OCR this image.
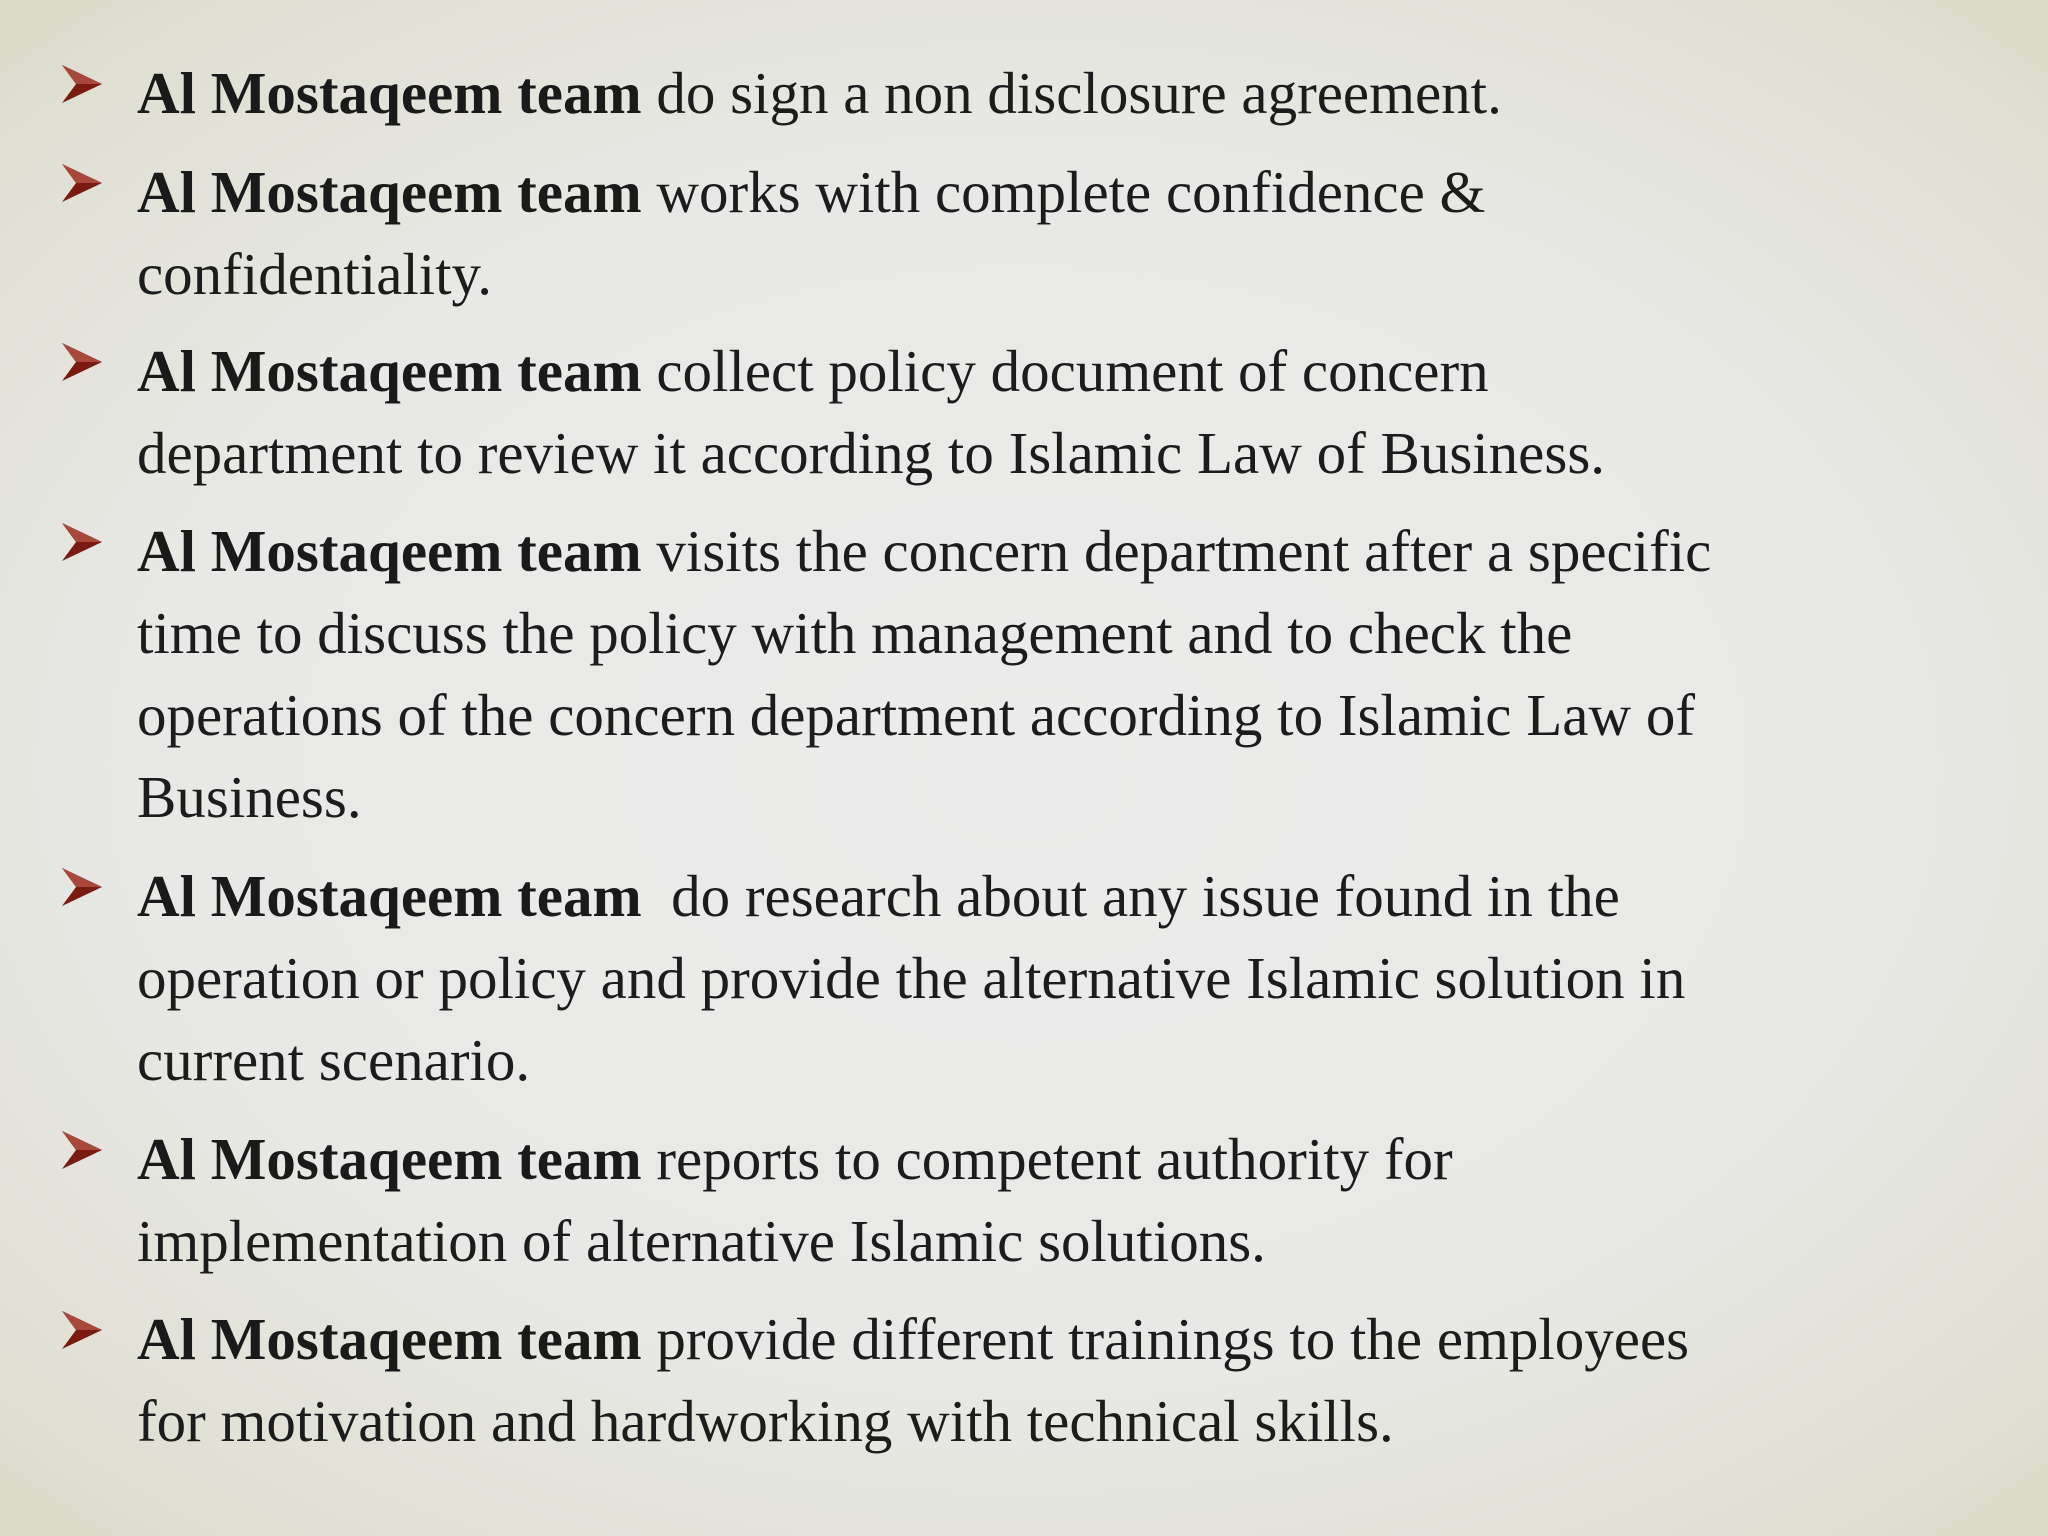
Al Mostaqeem team do sign a non disclosure agreement.
Al Mostaqeem team works with complete confidence &
confidentiality.
Al Mostaqeem team collect policy document of concern
department to review it according to Islamic Law of Business.
Al Mostaqeem team visits the concern department after a specific
time to discuss the policy with management and to check the
operations of the concern department according to Islamic Law of
Business.
Al Mostaqeem team  do research about any issue found in the
operation or policy and provide the alternative Islamic solution in
current scenario.
Al Mostaqeem team reports to competent authority for
implementation of alternative Islamic solutions.
Al Mostaqeem team provide different trainings to the employees
for motivation and hardworking with technical skills.
